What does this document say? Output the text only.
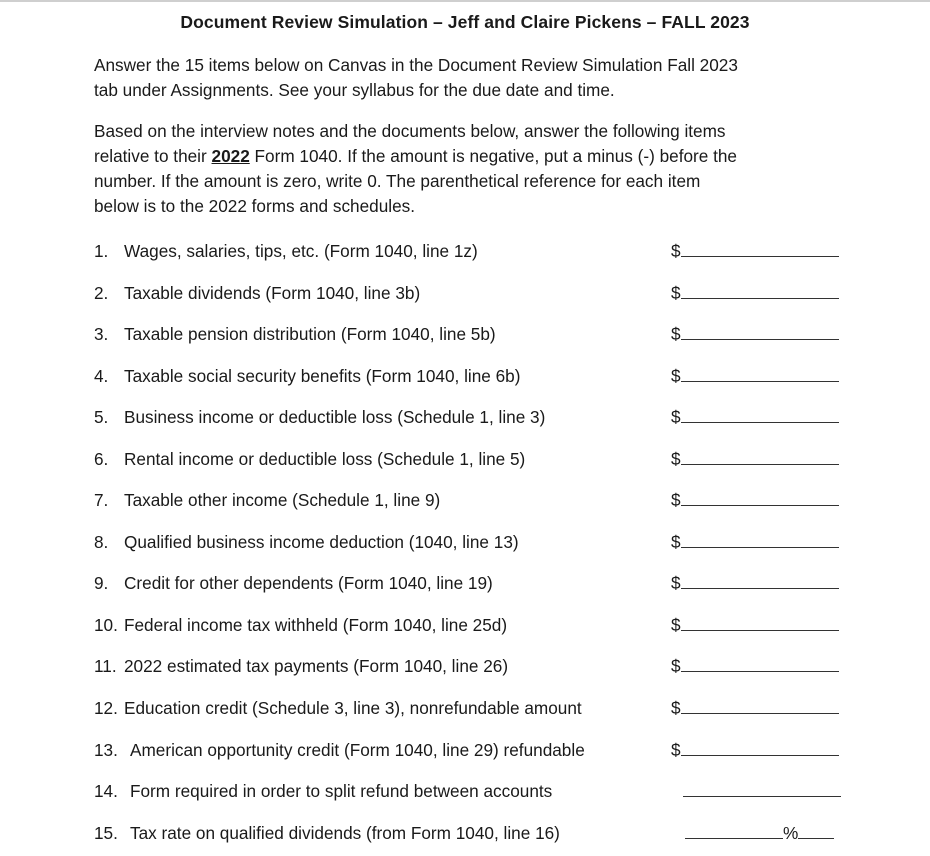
Document Review Simulation – Jeff and Claire Pickens – FALL 2023
Answer the 15 items below on Canvas in the Document Review Simulation Fall 2023
tab under Assignments. See your syllabus for the due date and time.
Based on the interview notes and the documents below, answer the following items
relative to their 2022 Form 1040. If the amount is negative, put a minus (-) before the
number. If the amount is zero, write 0. The parenthetical reference for each item
below is to the 2022 forms and schedules.
1. Wages, salaries, tips, etc. (Form 1040, line 1z)	$
2. Taxable dividends (Form 1040, line 3b)	$
3. Taxable pension distribution (Form 1040, line 5b)	$
4. Taxable social security benefits (Form 1040, line 6b)	$
5. Business income or deductible loss (Schedule 1, line 3)	$
6. Rental income or deductible loss (Schedule 1, line 5)	$
7. Taxable other income (Schedule 1, line 9)	$
8. Qualified business income deduction (1040, line 13)	$
9. Credit for other dependents (Form 1040, line 19)	$
10. Federal income tax withheld (Form 1040, line 25d)	$
11. 2022 estimated tax payments (Form 1040, line 26)	$
12. Education credit (Schedule 3, line 3), nonrefundable amount	$
13. American opportunity credit (Form 1040, line 29) refundable	$
14. Form required in order to split refund between accounts
15. Tax rate on qualified dividends (from Form 1040, line 16)	%
